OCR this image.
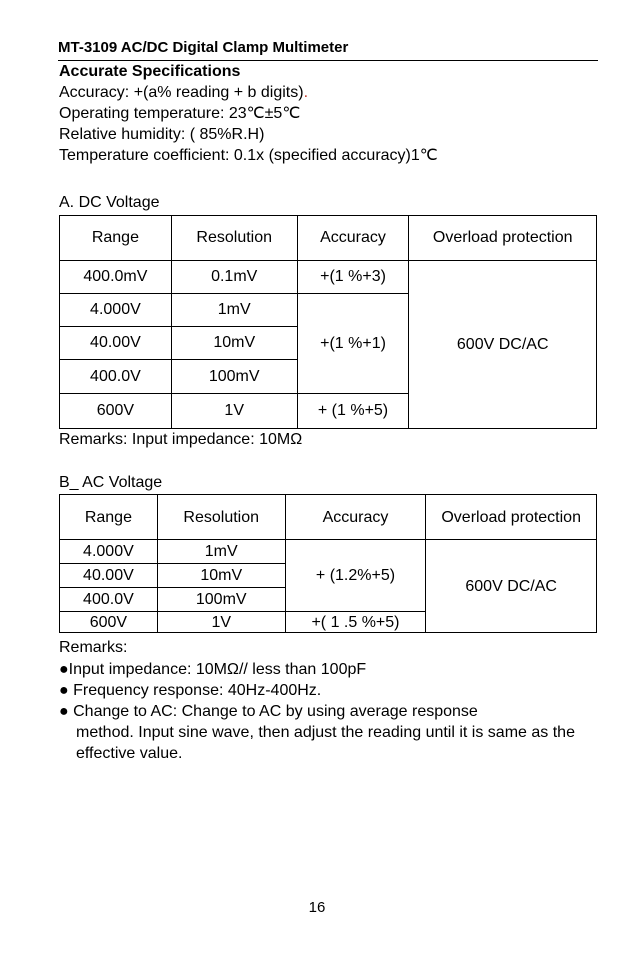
MT-3109 AC/DC Digital Clamp Multimeter
Accurate Specifications
Accuracy: +(a% reading + b digits).
Operating temperature: 23℃±5℃
Relative humidity: ( 85%R.H)
Temperature coefficient: 0.1x (specified accuracy)1℃
A. DC Voltage
Range	Resolution	Accuracy	Overload protection
400.0mV	0.1mV	+(1 %+3)	600V DC/AC
4.000V	1mV	+(1 %+1)	
40.00V	10mV		
400.0V	100mV		
600V	1V	+ (1 %+5)	
Remarks: Input impedance: 10MΩ
B_ AC Voltage
Range	Resolution	Accuracy	Overload protection
4.000V	1mV	+ (1.2%+5)	600V DC/AC
40.00V	10mV		
400.0V	100mV		
600V	1V	+( 1 .5 %+5)	
Remarks:
●Input impedance: 10MΩ// less than 100pF
● Frequency response: 40Hz-400Hz.
● Change to AC: Change to AC by using average response
method. Input sine wave, then adjust the reading until it is same as the effective value.
16
